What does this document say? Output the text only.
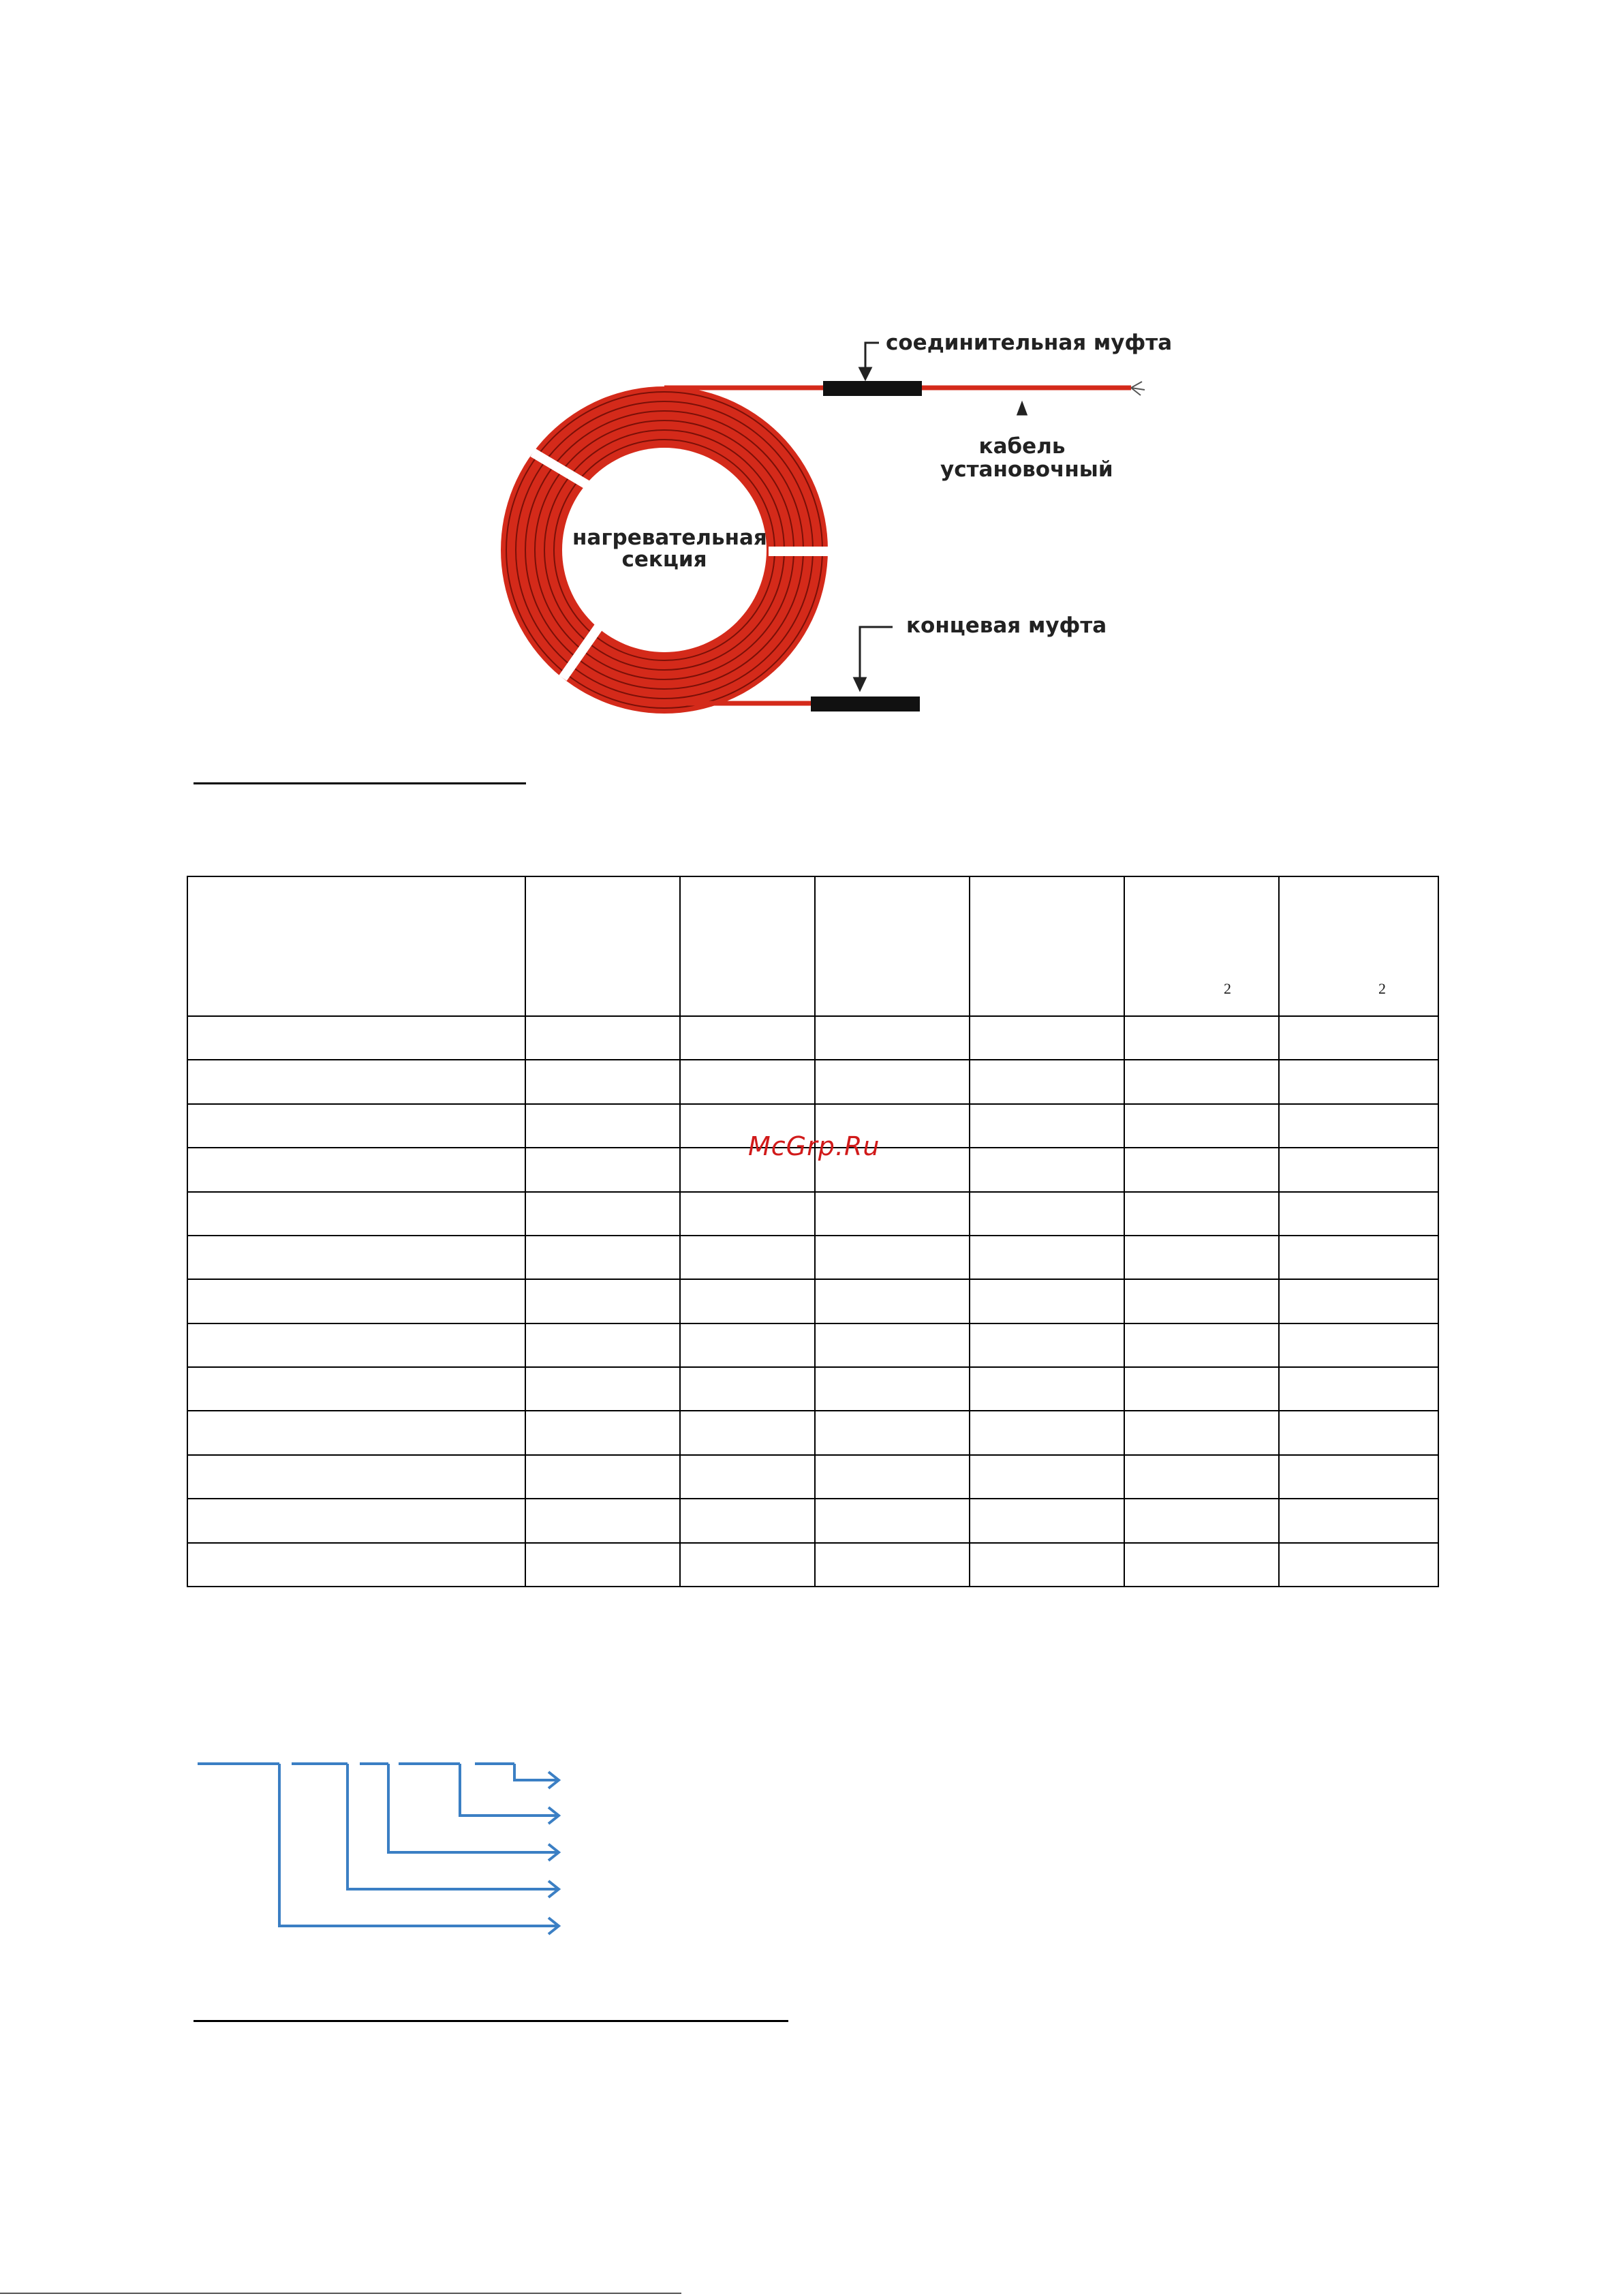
соединительная муфта
кабель
установочный
нагревательная
секция
концевая муфта

					2	2

McGrp.Ru
